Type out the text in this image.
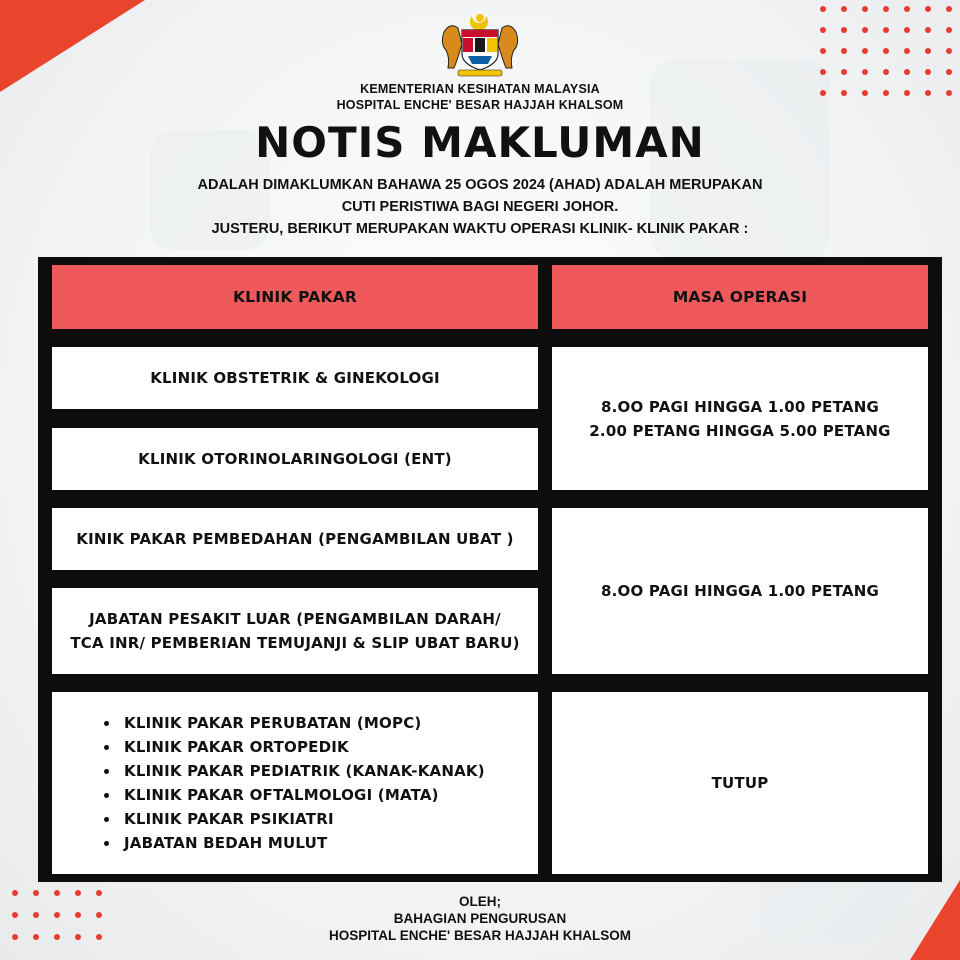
KEMENTERIAN KESIHATAN MALAYSIA
HOSPITAL ENCHE' BESAR HAJJAH KHALSOM
NOTIS MAKLUMAN
ADALAH DIMAKLUMKAN BAHAWA 25 OGOS 2024 (AHAD) ADALAH MERUPAKAN
CUTI PERISTIWA BAGI NEGERI JOHOR.
JUSTERU, BERIKUT MERUPAKAN WAKTU OPERASI KLINIK- KLINIK PAKAR :
KLINIK PAKAR	MASA OPERASI
KLINIK OBSTETRIK & GINEKOLOGI
KLINIK OTORINOLARINGOLOGI (ENT)
8.OO PAGI HINGGA 1.00 PETANG
2.00 PETANG HINGGA 5.00 PETANG
KINIK PAKAR PEMBEDAHAN (PENGAMBILAN UBAT )
JABATAN PESAKIT LUAR (PENGAMBILAN DARAH/
TCA INR/ PEMBERIAN TEMUJANJI & SLIP UBAT BARU)
8.OO PAGI HINGGA 1.00 PETANG
• KLINIK PAKAR PERUBATAN (MOPC)
• KLINIK PAKAR ORTOPEDIK
• KLINIK PAKAR PEDIATRIK (KANAK-KANAK)
• KLINIK PAKAR OFTALMOLOGI (MATA)
• KLINIK PAKAR PSIKIATRI
• JABATAN BEDAH MULUT
TUTUP
OLEH;
BAHAGIAN PENGURUSAN
HOSPITAL ENCHE' BESAR HAJJAH KHALSOM
